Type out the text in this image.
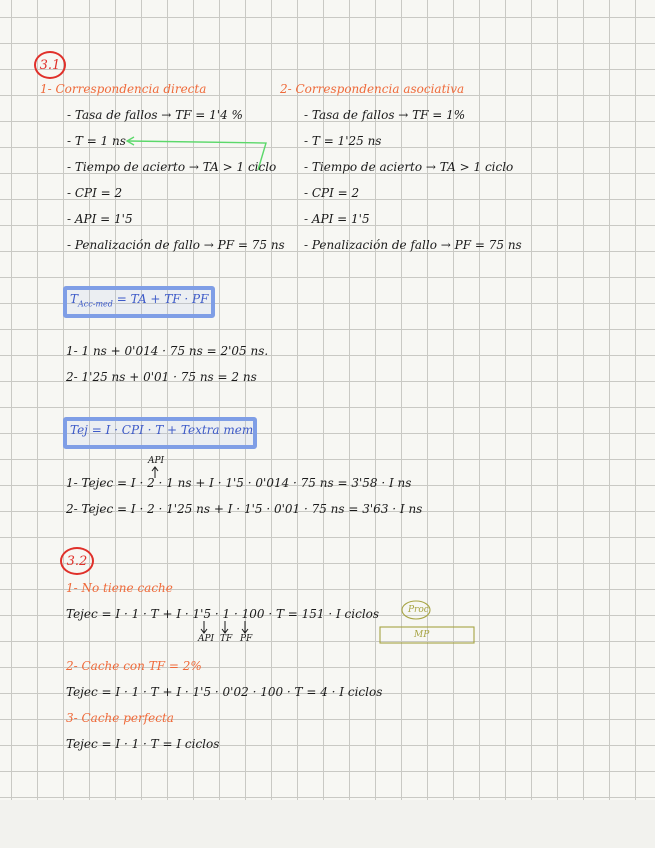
3.1
1- Correspondencia directa
- Tasa de fallos → TF = 1'4 %
- T = 1 ns
- Tiempo de acierto → TA > 1 ciclo
- CPI = 2
- API = 1'5
- Penalización de fallo → PF = 75 ns
2- Correspondencia asociativa
- Tasa de fallos → TF = 1%
- T = 1'25 ns
- Tiempo de acierto → TA > 1 ciclo
- CPI = 2
- API = 1'5
- Penalización de fallo → PF = 75 ns
$T_{Acc-med}$ = TA + TF · PF
1- 1 ns + 0'014 · 75 ns = 2'05 ns.
2- 1'25 ns + 0'01 · 75 ns = 2 ns
Tej = I · CPI · T + Textra mem
API
1- Tejec = I · 2 · 1 ns + I · 1'5 · 0'014 · 75 ns = 3'58 · I ns
2- Tejec = I · 2 · 1'25 ns + I · 1'5 · 0'01 · 75 ns = 3'63 · I ns
3.2
1- No tiene cache
Tejec = I · 1 · T + I · 1'5 · 1 · 100 · T = 151 · I ciclos
API TF PF
Proc
MP
2- Cache con TF = 2%
Tejec = I · 1 · T + I · 1'5 · 0'02 · 100 · T = 4 · I ciclos
3- Cache perfecta
Tejec = I · 1 · T = I ciclos
